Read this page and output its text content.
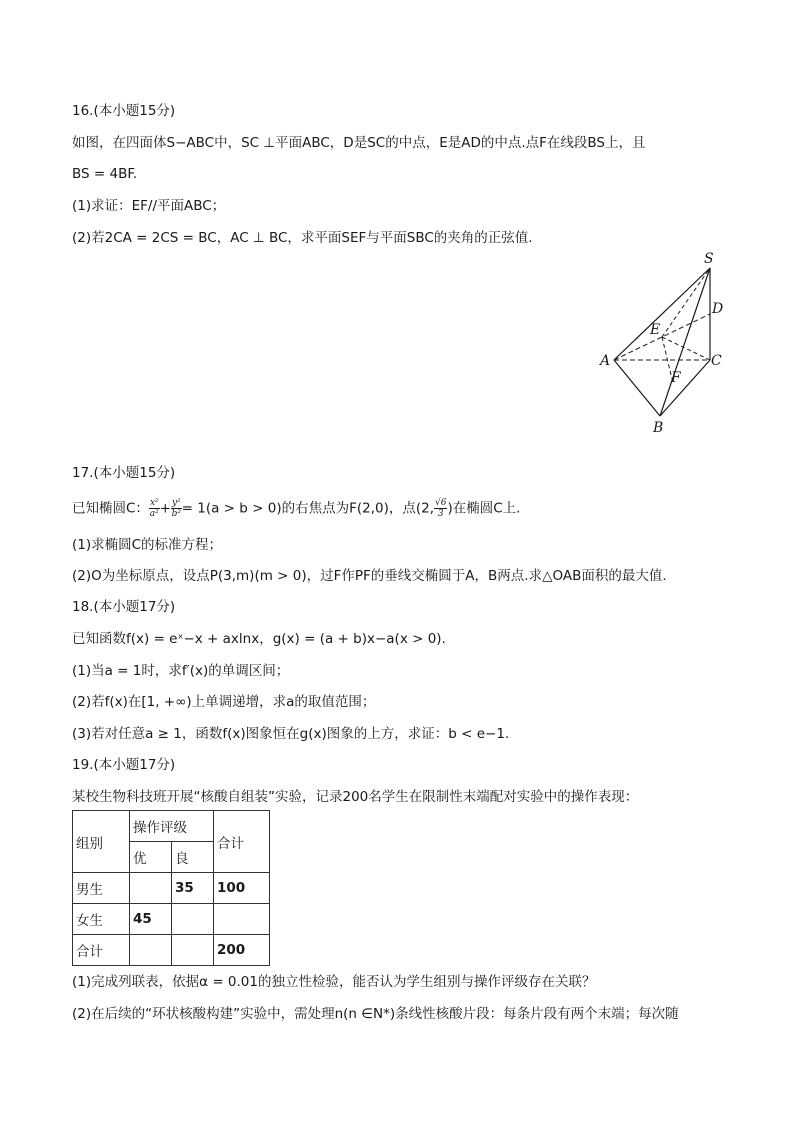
16.(本小题15分)
如图，在四面体S−ABC中，SC ⊥平面ABC，D是SC的中点，E是AD的中点.点F在线段BS上，且
BS = 4BF.
(1)求证：EF//平面ABC；
(2)若2CA = 2CS = BC，AC ⊥ BC，求平面SEF与平面SBC的夹角的正弦值.
S
D
E
A	C
F
B
17.(本小题15分)
已知椭圆C： $\frac{\text{x²}}{\text{a²}} + \frac{\text{y²}}{\text{b²}} = 1(a > b > 0)$的右焦点为F(2,0)，点(2, $\frac{√6}{3}$ )在椭圆C上.
(1)求椭圆C的标准方程；
(2)O为坐标原点，设点P(3,m)(m > 0)，过F作PF的垂线交椭圆于A，B两点.求△OAB面积的最大值.
18.(本小题17分)
已知函数f(x) = eˣ−x + axlnx，g(x) = (a + b)x−a(x > 0).
(1)当a = 1时，求f′(x)的单调区间；
(2)若f(x)在[1, +∞)上单调递增，求a的取值范围；
(3)若对任意a ≥ 1，函数f(x)图象恒在g(x)图象的上方，求证：b < e−1.
19.(本小题17分)
某校生物科技班开展“核酸自组装”实验，记录200名学生在限制性末端配对实验中的操作表现：
组别	操作评级		合计
	优	良	
男生		35	100
女生	45		
合计			200
(1)完成列联表，依据α = 0.01的独立性检验，能否认为学生组别与操作评级存在关联？
(2)在后续的“环状核酸构建”实验中，需处理n(n ∈N*)条线性核酸片段：每条片段有两个末端；每次随
